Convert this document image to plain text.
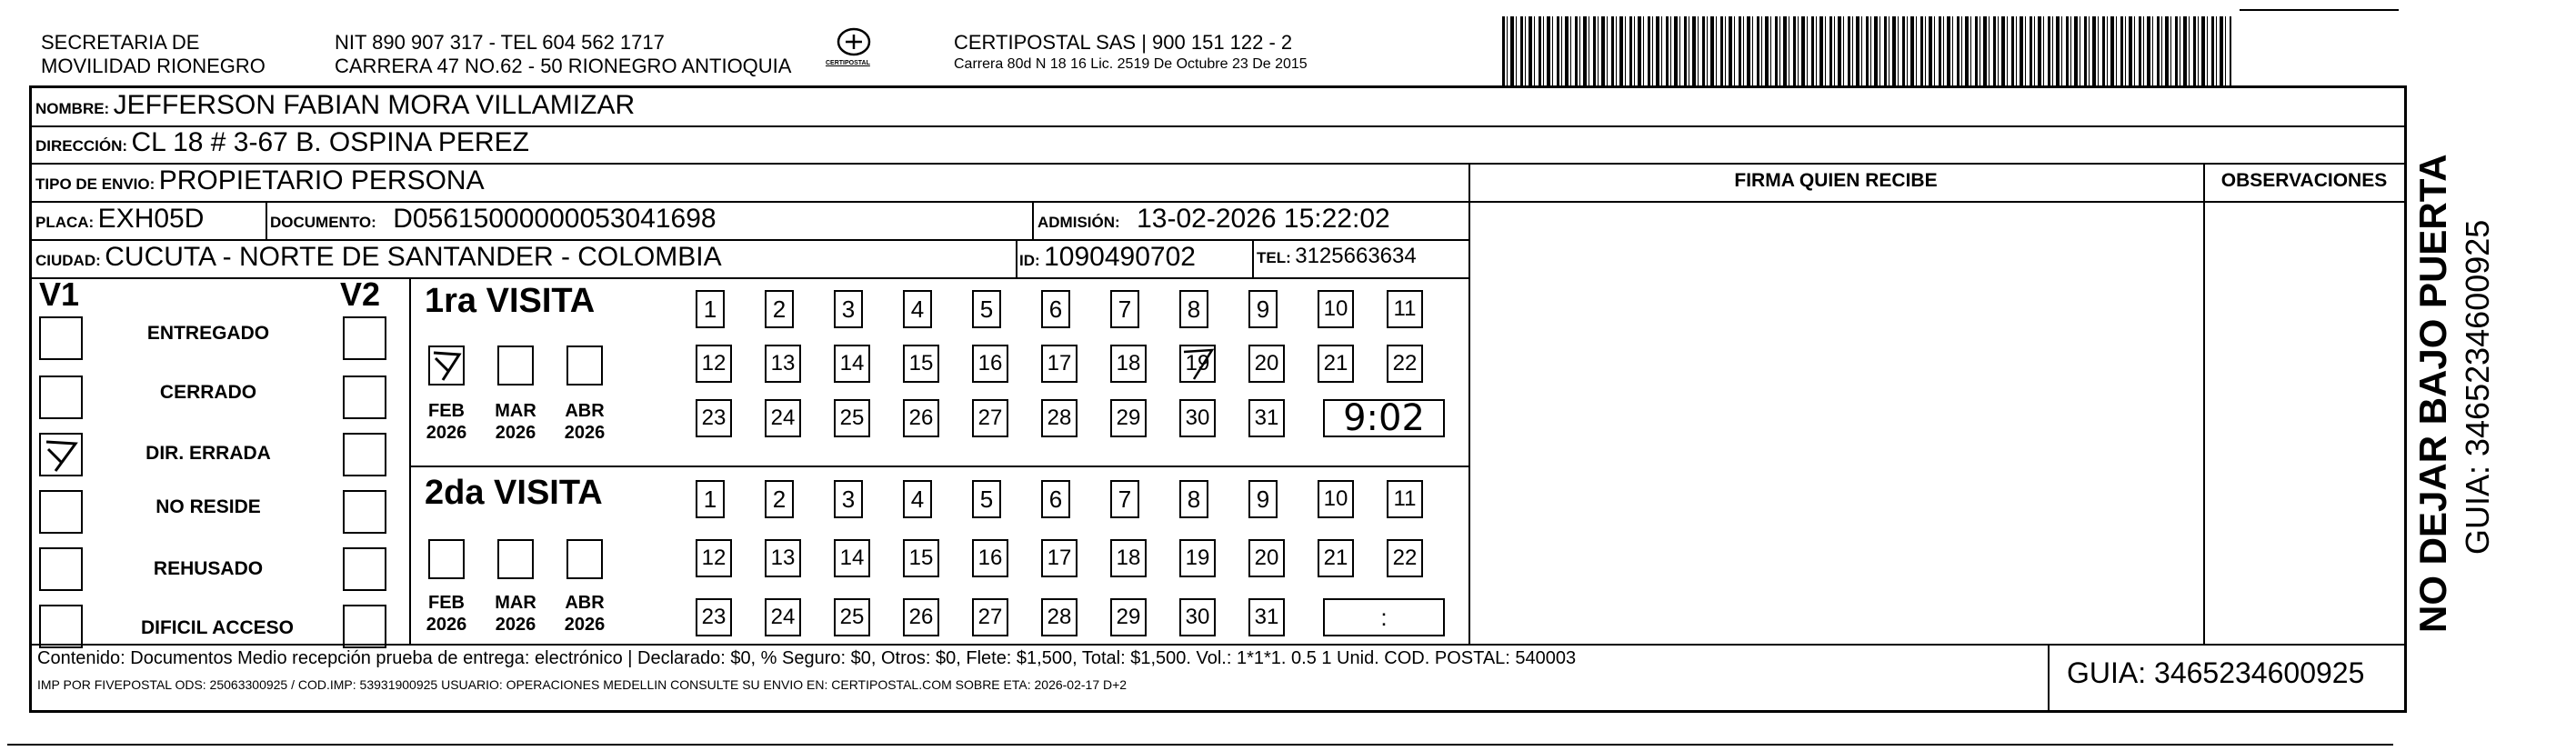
SECRETARIA DE
MOVILIDAD RIONEGRO
NIT 890 907 317 - TEL 604 562 1717
CARRERA 47 NO.62 - 50 RIONEGRO ANTIOQUIA	CERTIPOSTAL
CERTIPOSTAL SAS | 900 151 122 - 2
Carrera 80d N 18 16 Lic. 2519 De Octubre 23 De 2015
NOMBRE: JEFFERSON FABIAN MORA VILLAMIZAR
DIRECCIÓN: CL 18 # 3-67 B. OSPINA PEREZ
TIPO DE ENVIO: PROPIETARIO PERSONA	FIRMA QUIEN RECIBE	OBSERVACIONES
PLACA: EXH05D	DOCUMENTO: D05615000000053041698	ADMISIÓN: 13-02-2026 15:22:02
CIUDAD: CUCUTA - NORTE DE SANTANDER - COLOMBIA	ID: 1090490702	TEL: 3125663634
V1	V2
ENTREGADO
CERRADO
DIR. ERRADA
NO RESIDE
REHUSADO
DIFICIL ACCESO
1ra VISITA
FEB
2026
MAR
2026
ABR
2026
2da VISITA
FEB
2026
MAR
2026
ABR
2026
Contenido: Documentos Medio recepción prueba de entrega: electrónico | Declarado: $0, % Seguro: $0, Otros: $0, Flete: $1,500, Total: $1,500. Vol.: 1*1*1. 0.5 1 Unid. COD. POSTAL: 540003
IMP POR FIVEPOSTAL ODS: 25063300925 / COD.IMP: 53931900925 USUARIO: OPERACIONES MEDELLIN CONSULTE SU ENVIO EN: CERTIPOSTAL.COM SOBRE ETA: 2026-02-17 D+2	GUIA: 3465234600925
1	2	3	4	5	6	7	8	9	10	11
12 13 14 15 16 17 18 19 20 21 22
23 24 25 26 27 28 29 30 31	9:02
1	2	3	4	5	6	7	8	9	10	11
12 13 14 15 16 17 18 19 20 21 22
23 24 25 26 27 28 29 30 31	:	NO DEJAR BAJO PUERTA GUIA: 3465234600925
